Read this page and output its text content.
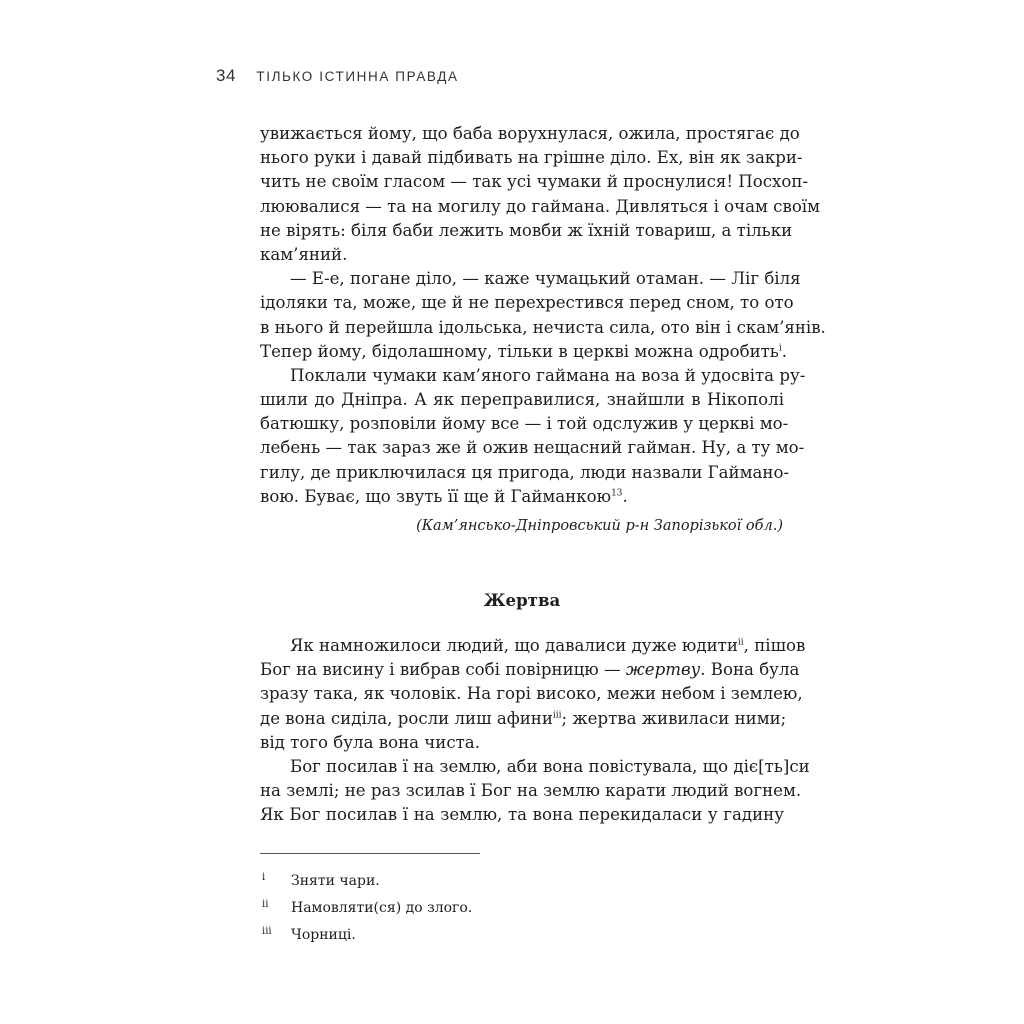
34 ТІЛЬКО ІСТИННА ПРАВДА
увижається йому, що баба ворухнулася, ожила, простягає до
нього руки і давай підбивать на грішне діло. Ех, він як закри-
чить не своїм гласом — так усі чумаки й проснулися! Посхоп-
люювалися — та на могилу до гаймана. Дивляться і очам своїм
не вірять: біля баби лежить мовби ж їхній товариш, а тільки
кам’яний.
— Е-е, погане діло, — каже чумацький отаман. — Ліг біля
ідоляки та, може, ще й не перехрестився перед сном, то ото
в нього й перейшла ідольська, нечиста сила, ото він і скам’янів.
Тепер йому, бідолашному, тільки в церкві можна одробить$^i$.
Поклали чумаки кам’яного гаймана на воза й удосвіта ру-
шили до Дніпра. А як переправилися, знайшли в Нікополі
батюшку, розповіли йому все — і той одслужив у церкві мо-
лебень — так зараз же й ожив нещасний гайман. Ну, а ту мо-
гилу, де приключилася ця пригода, люди назвали Гайманo-
вою. Буває, що звуть її ще й Гайманкою$^{13}$.
(Кам’янсько-Дніпровський р-н Запорізької обл.)
Жертва
Як намножилоси людий, що давалиси дуже юдити$^{ii}$, пішов
Бог на висину і вибрав собі повірницю — жертву. Вона була
зразу така, як чоловік. На горі високо, межи небом і землею,
де вона сиділа, росли лиш афини$^{iii}$; жертва живилаcи ними;
від того була вона чиста.
Бог посилав ї на землю, аби вона повістувала, що діє[ть]си
на землі; не раз зсилав ї Бог на землю карати людий вогнем.
Як Бог посилав ї на землю, та вона перекидаласи у гадину
i Зняти чари.
ii Намовляти(ся) до злого.
iii Чорниці.
